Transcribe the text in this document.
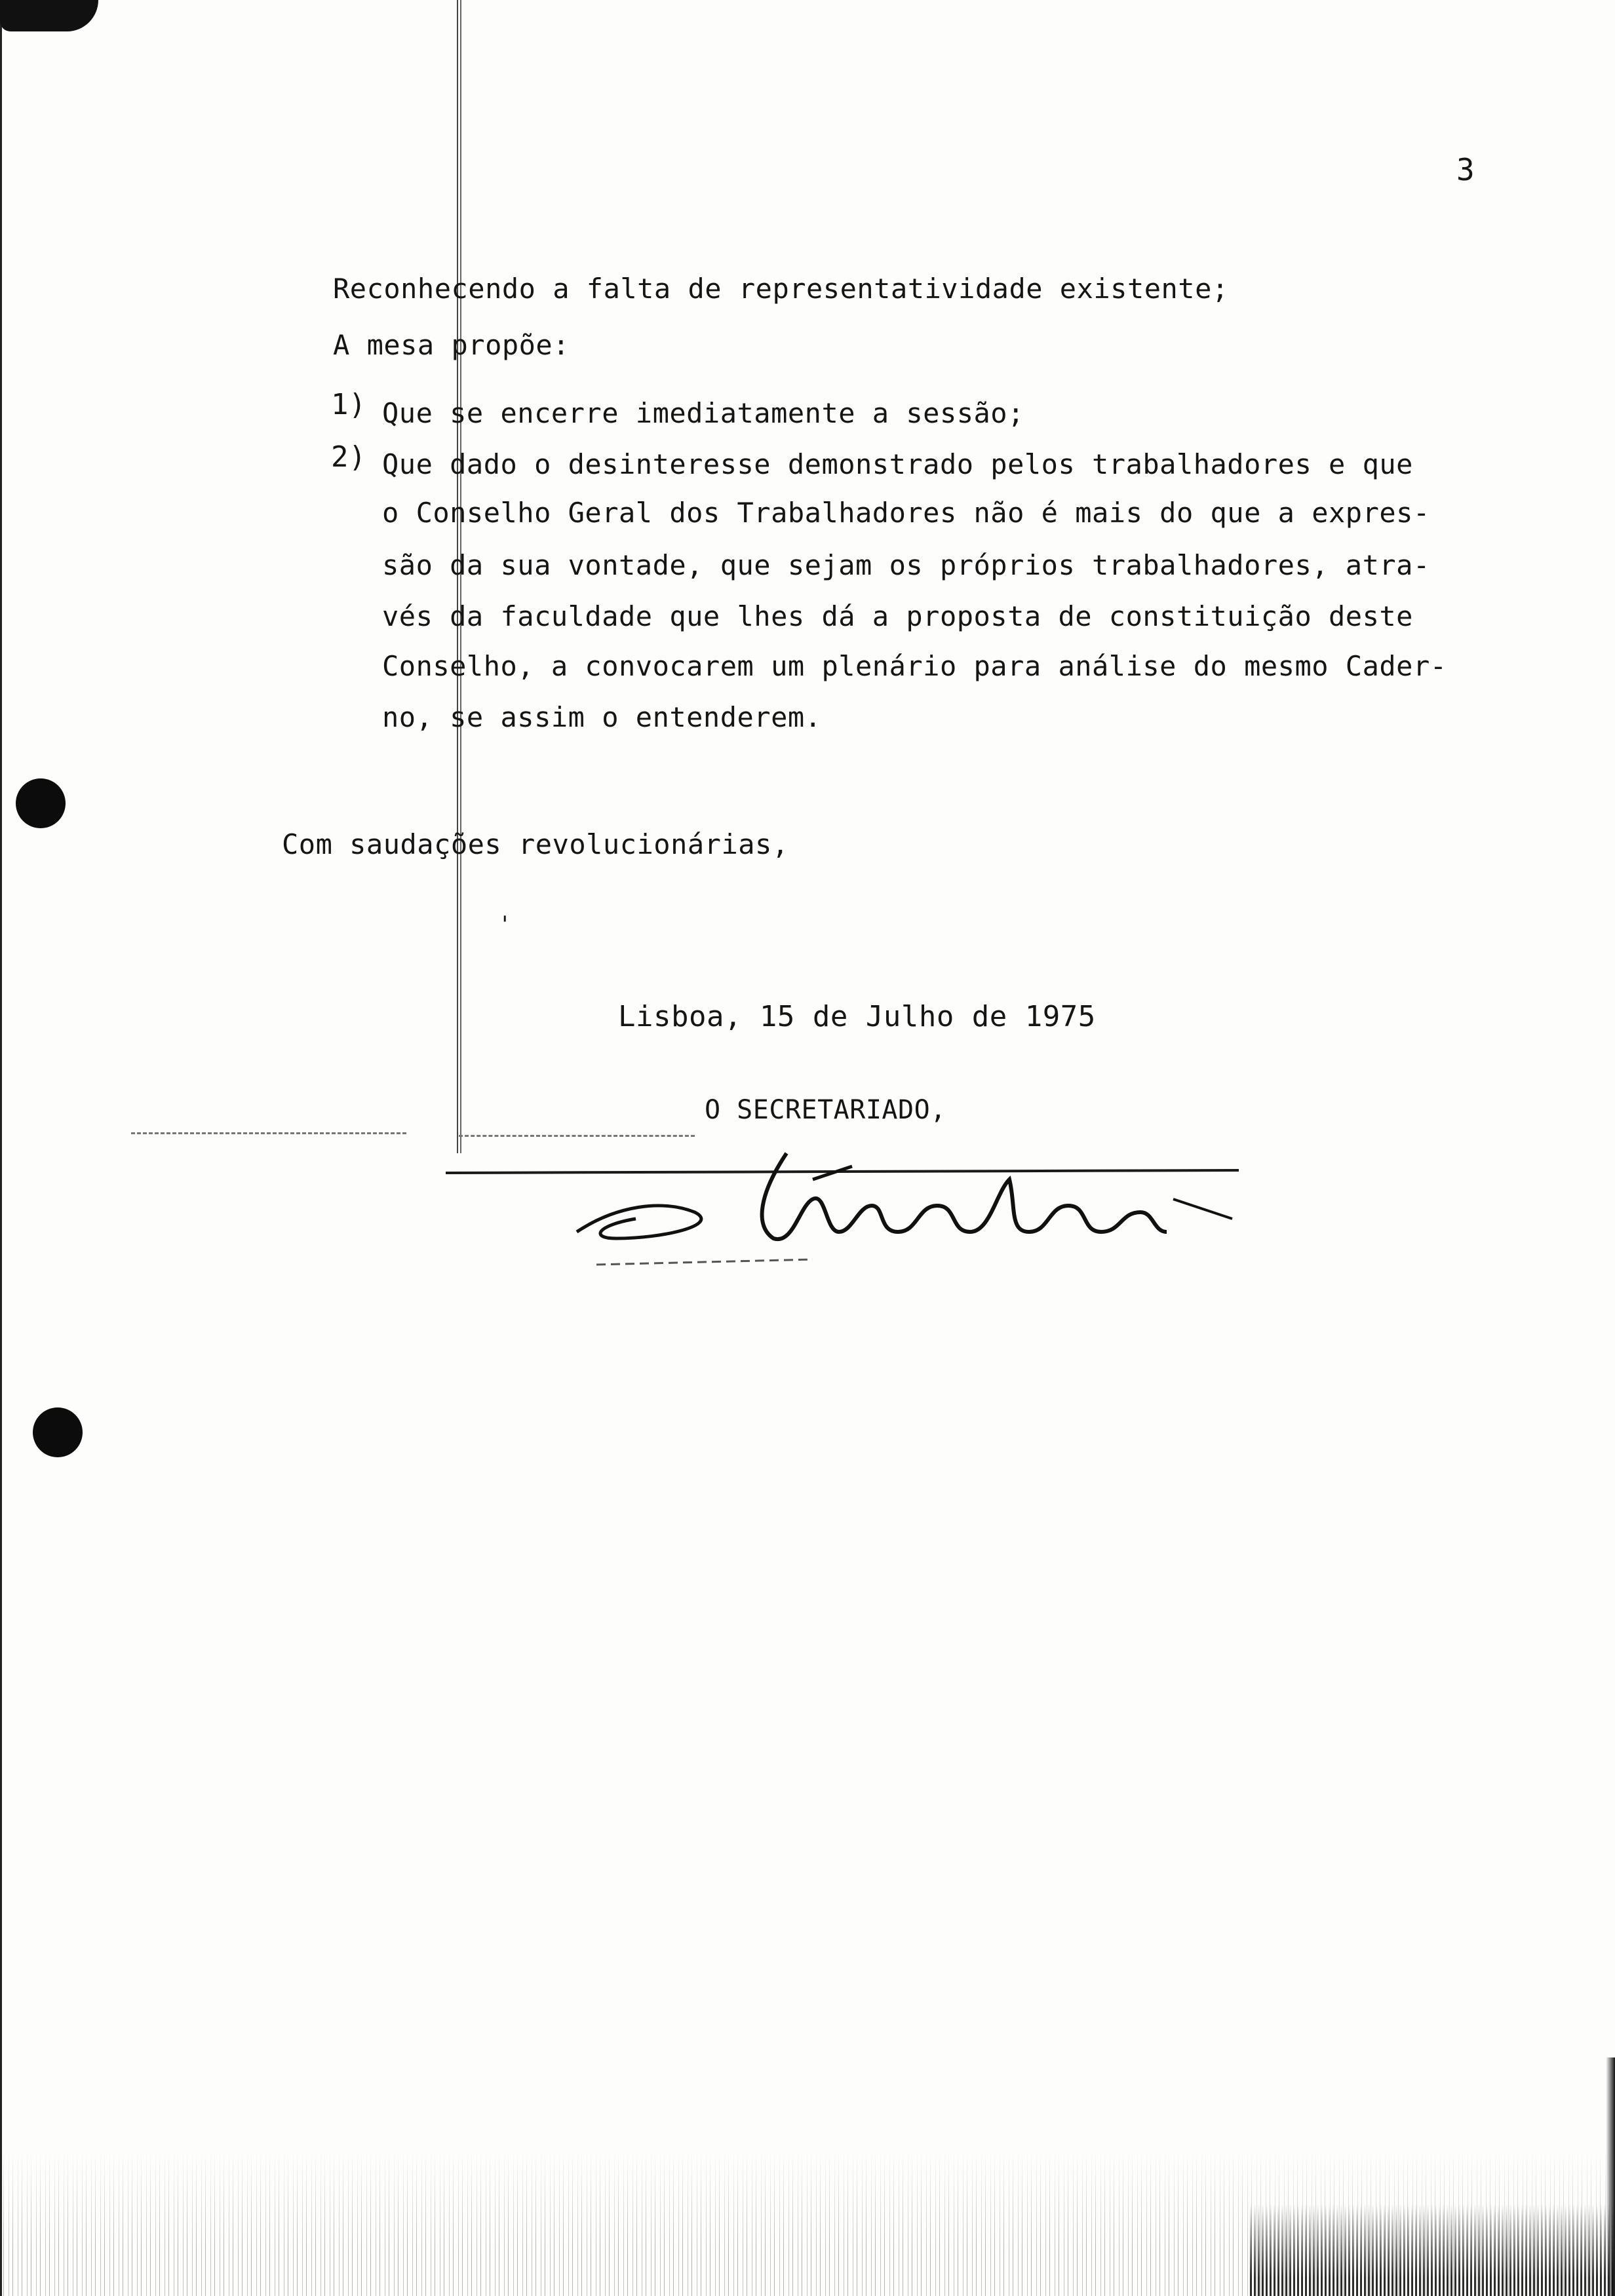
3
Reconhecendo a falta de representatividade existente;
A mesa propõe:
1) Que se encerre imediatamente a sessão;
2) Que dado o desinteresse demonstrado pelos trabalhadores e que
o Conselho Geral dos Trabalhadores não é mais do que a expres-
são da sua vontade, que sejam os próprios trabalhadores, atra-
vés da faculdade que lhes dá a proposta de constituição deste
Conselho, a convocarem um plenário para análise do mesmo Cader-
no, se assim o entenderem.
Com saudações revolucionárias,
'
Lisboa, 15 de Julho de 1975
O SECRETARIADO,
